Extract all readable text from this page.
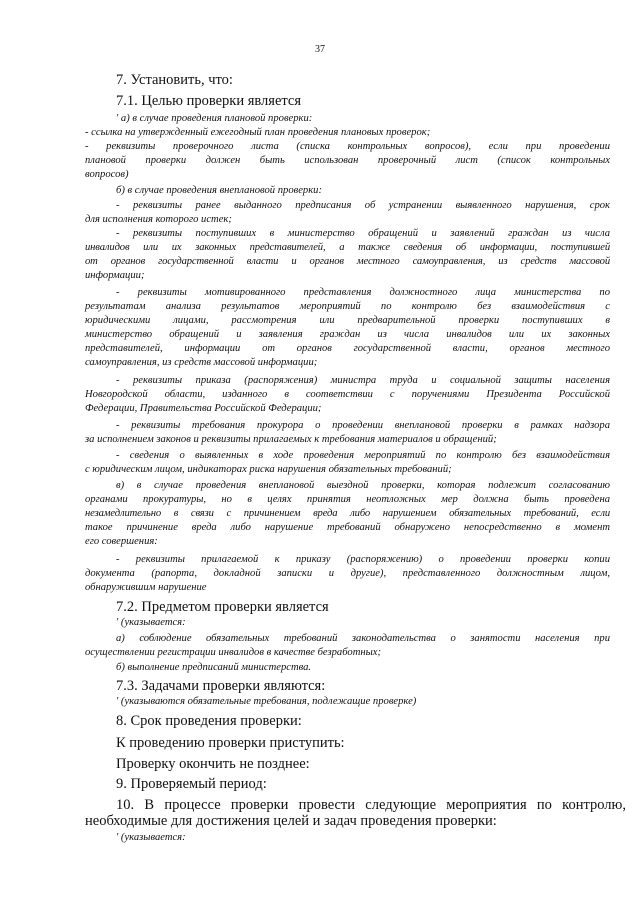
37
7. Установить, что:
7.1. Целью проверки является
' а) в случае проведения плановой проверки:
- ссылка на утвержденный ежегодный план проведения плановых проверок;
- реквизиты проверочного листа (списка контрольных вопросов), если при проведении
плановой проверки должен быть использован проверочный лист (список контрольных
вопросов)
б) в случае проведения внеплановой проверки:
- реквизиты ранее выданного предписания об устранении выявленного нарушения, срок
для исполнения которого истек;
- реквизиты поступивших в министерство обращений и заявлений граждан из числа
инвалидов или их законных представителей, а также сведения об информации, поступившей
от органов государственной власти и органов местного самоуправления, из средств массовой
информации;
- реквизиты мотивированного представления должностного лица министерства по
результатам анализа результатов мероприятий по контролю без взаимодействия с
юридическими лицами, рассмотрения или предварительной проверки поступивших в
министерство обращений и заявления граждан из числа инвалидов или их законных
представителей, информации от органов государственной власти, органов местного
самоуправления, из средств массовой информации;
- реквизиты приказа (распоряжения) министра труда и социальной защиты населения
Новгородской области, изданного в соответствии с поручениями Президента Российской
Федерации, Правительства Российской Федерации;
- реквизиты требования прокурора о проведении внеплановой проверки в рамках надзора
за исполнением законов и реквизиты прилагаемых к требования материалов и обращений;
- сведения о выявленных в ходе проведения мероприятий по контролю без взаимодействия
с юридическим лицом, индикаторах риска нарушения обязательных требований;
в) в случае проведения внеплановой выездной проверки, которая подлежит согласованию
органами прокуратуры, но в целях принятия неотложных мер должна быть проведена
незамедлительно в связи с причинением вреда либо нарушением обязательных требований, если
такое причинение вреда либо нарушение требований обнаружено непосредственно в момент
его совершения:
- реквизиты прилагаемой к приказу (распоряжению) о проведении проверки копии
документа (рапорта, докладной записки и другие), представленного должностным лицом,
обнаружившим нарушение
7.2. Предметом проверки является
' (указывается:
а) соблюдение обязательных требований законодательства о занятости населения при
осуществлении регистрации инвалидов в качестве безработных;
б) выполнение предписаний министерства.
7.3. Задачами проверки являются:
' (указываются обязательные требования, подлежащие проверке)
8. Срок проведения проверки:
К проведению проверки приступить:
Проверку окончить не позднее:
9. Проверяемый период:
10. В процессе проверки провести следующие мероприятия по контролю,
необходимые для достижения целей и задач проведения проверки:
' (указывается:
